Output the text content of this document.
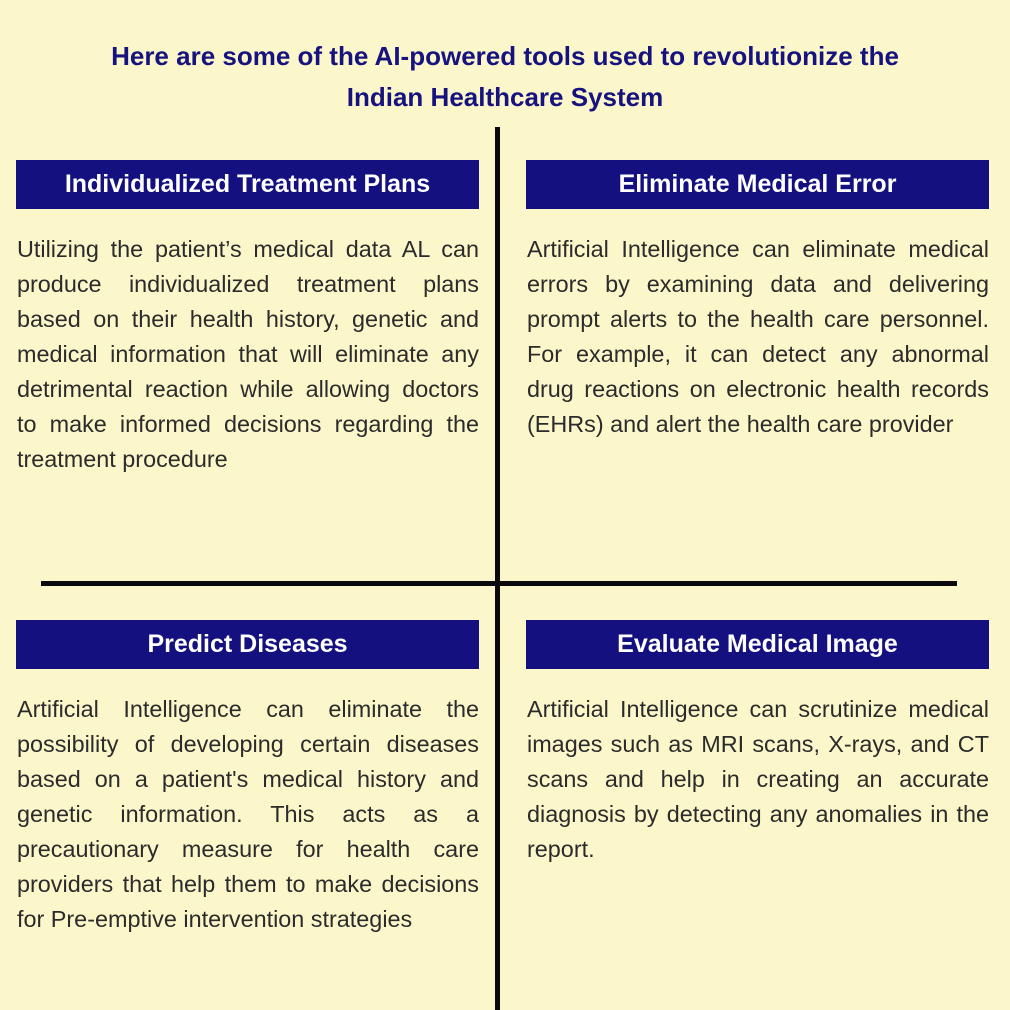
Here are some of the AI-powered tools used to revolutionize the
Indian Healthcare System
Individualized Treatment Plans

Utilizing the patient’s medical data AL can produce individualized treatment plans based on their health history, genetic and medical information that will eliminate any detrimental reaction while allowing doctors to make informed decisions regarding the treatment procedure

Eliminate Medical Error

Artificial Intelligence can eliminate medical errors by examining data and delivering prompt alerts to the health care personnel. For example, it can detect any abnormal drug reactions on electronic health records (EHRs) and alert the health care provider

Predict Diseases

Artificial Intelligence can eliminate the possibility of developing certain diseases based on a patient's medical history and genetic information. This acts as a precautionary measure for health care providers that help them to make decisions for Pre-emptive intervention strategies

Evaluate Medical Image

Artificial Intelligence can scrutinize medical images such as MRI scans, X-rays, and CT scans and help in creating an accurate diagnosis by detecting any anomalies in the report.
